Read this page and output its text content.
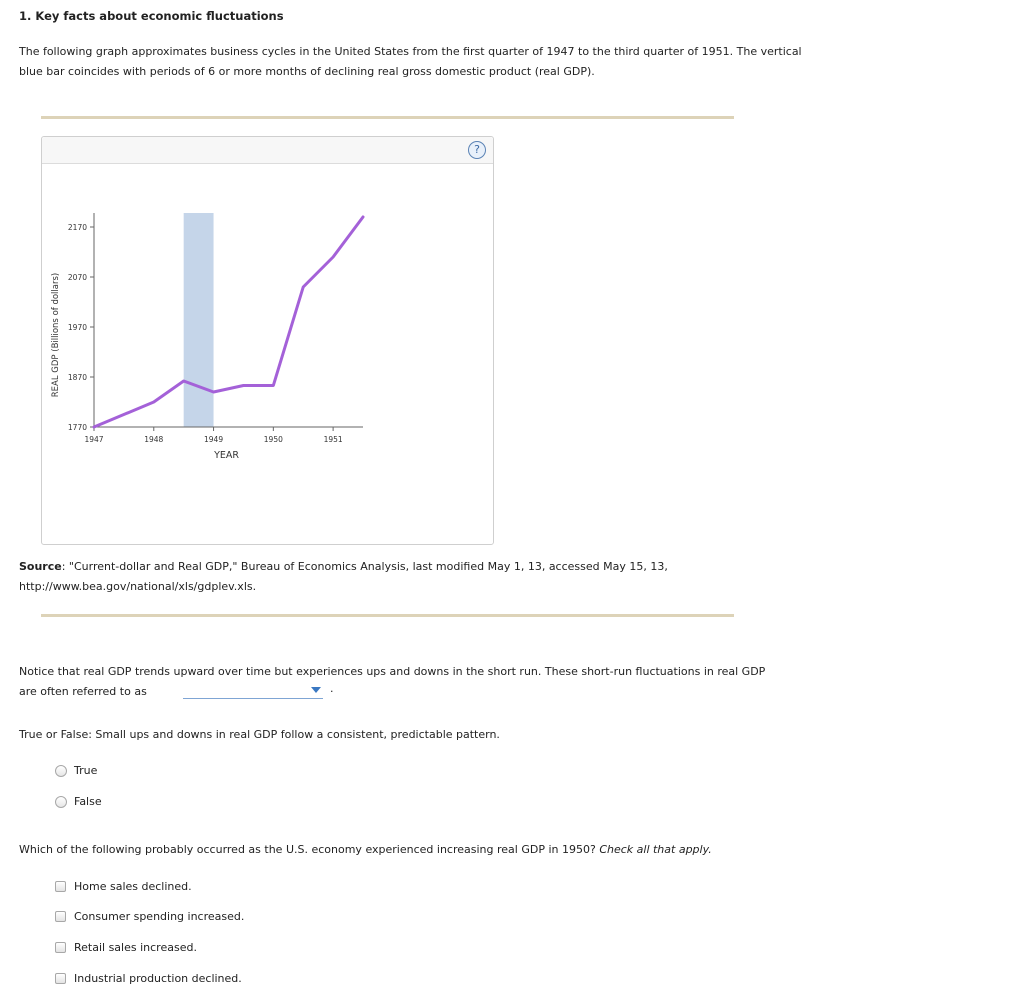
1. Key facts about economic fluctuations
The following graph approximates business cycles in the United States from the first quarter of 1947 to the third quarter of 1951. The vertical blue bar coincides with periods of 6 or more months of declining real gross domestic product (real GDP).
?
1770
1870
1970
2070
2170
1947	1948	1949	1950	1951
YEAR
REAL GDP (Billions of dollars)
Source: "Current-dollar and Real GDP," Bureau of Economics Analysis, last modified May 1, 13, accessed May 15, 13, http://www.bea.gov/national/xls/gdplev.xls.
Notice that real GDP trends upward over time but experiences ups and downs in the short run. These short-run fluctuations in real GDP are often referred to as	.
True or False: Small ups and downs in real GDP follow a consistent, predictable pattern.
True
False
Which of the following probably occurred as the U.S. economy experienced increasing real GDP in 1950? Check all that apply.
Home sales declined.
Consumer spending increased.
Retail sales increased.
Industrial production declined.
